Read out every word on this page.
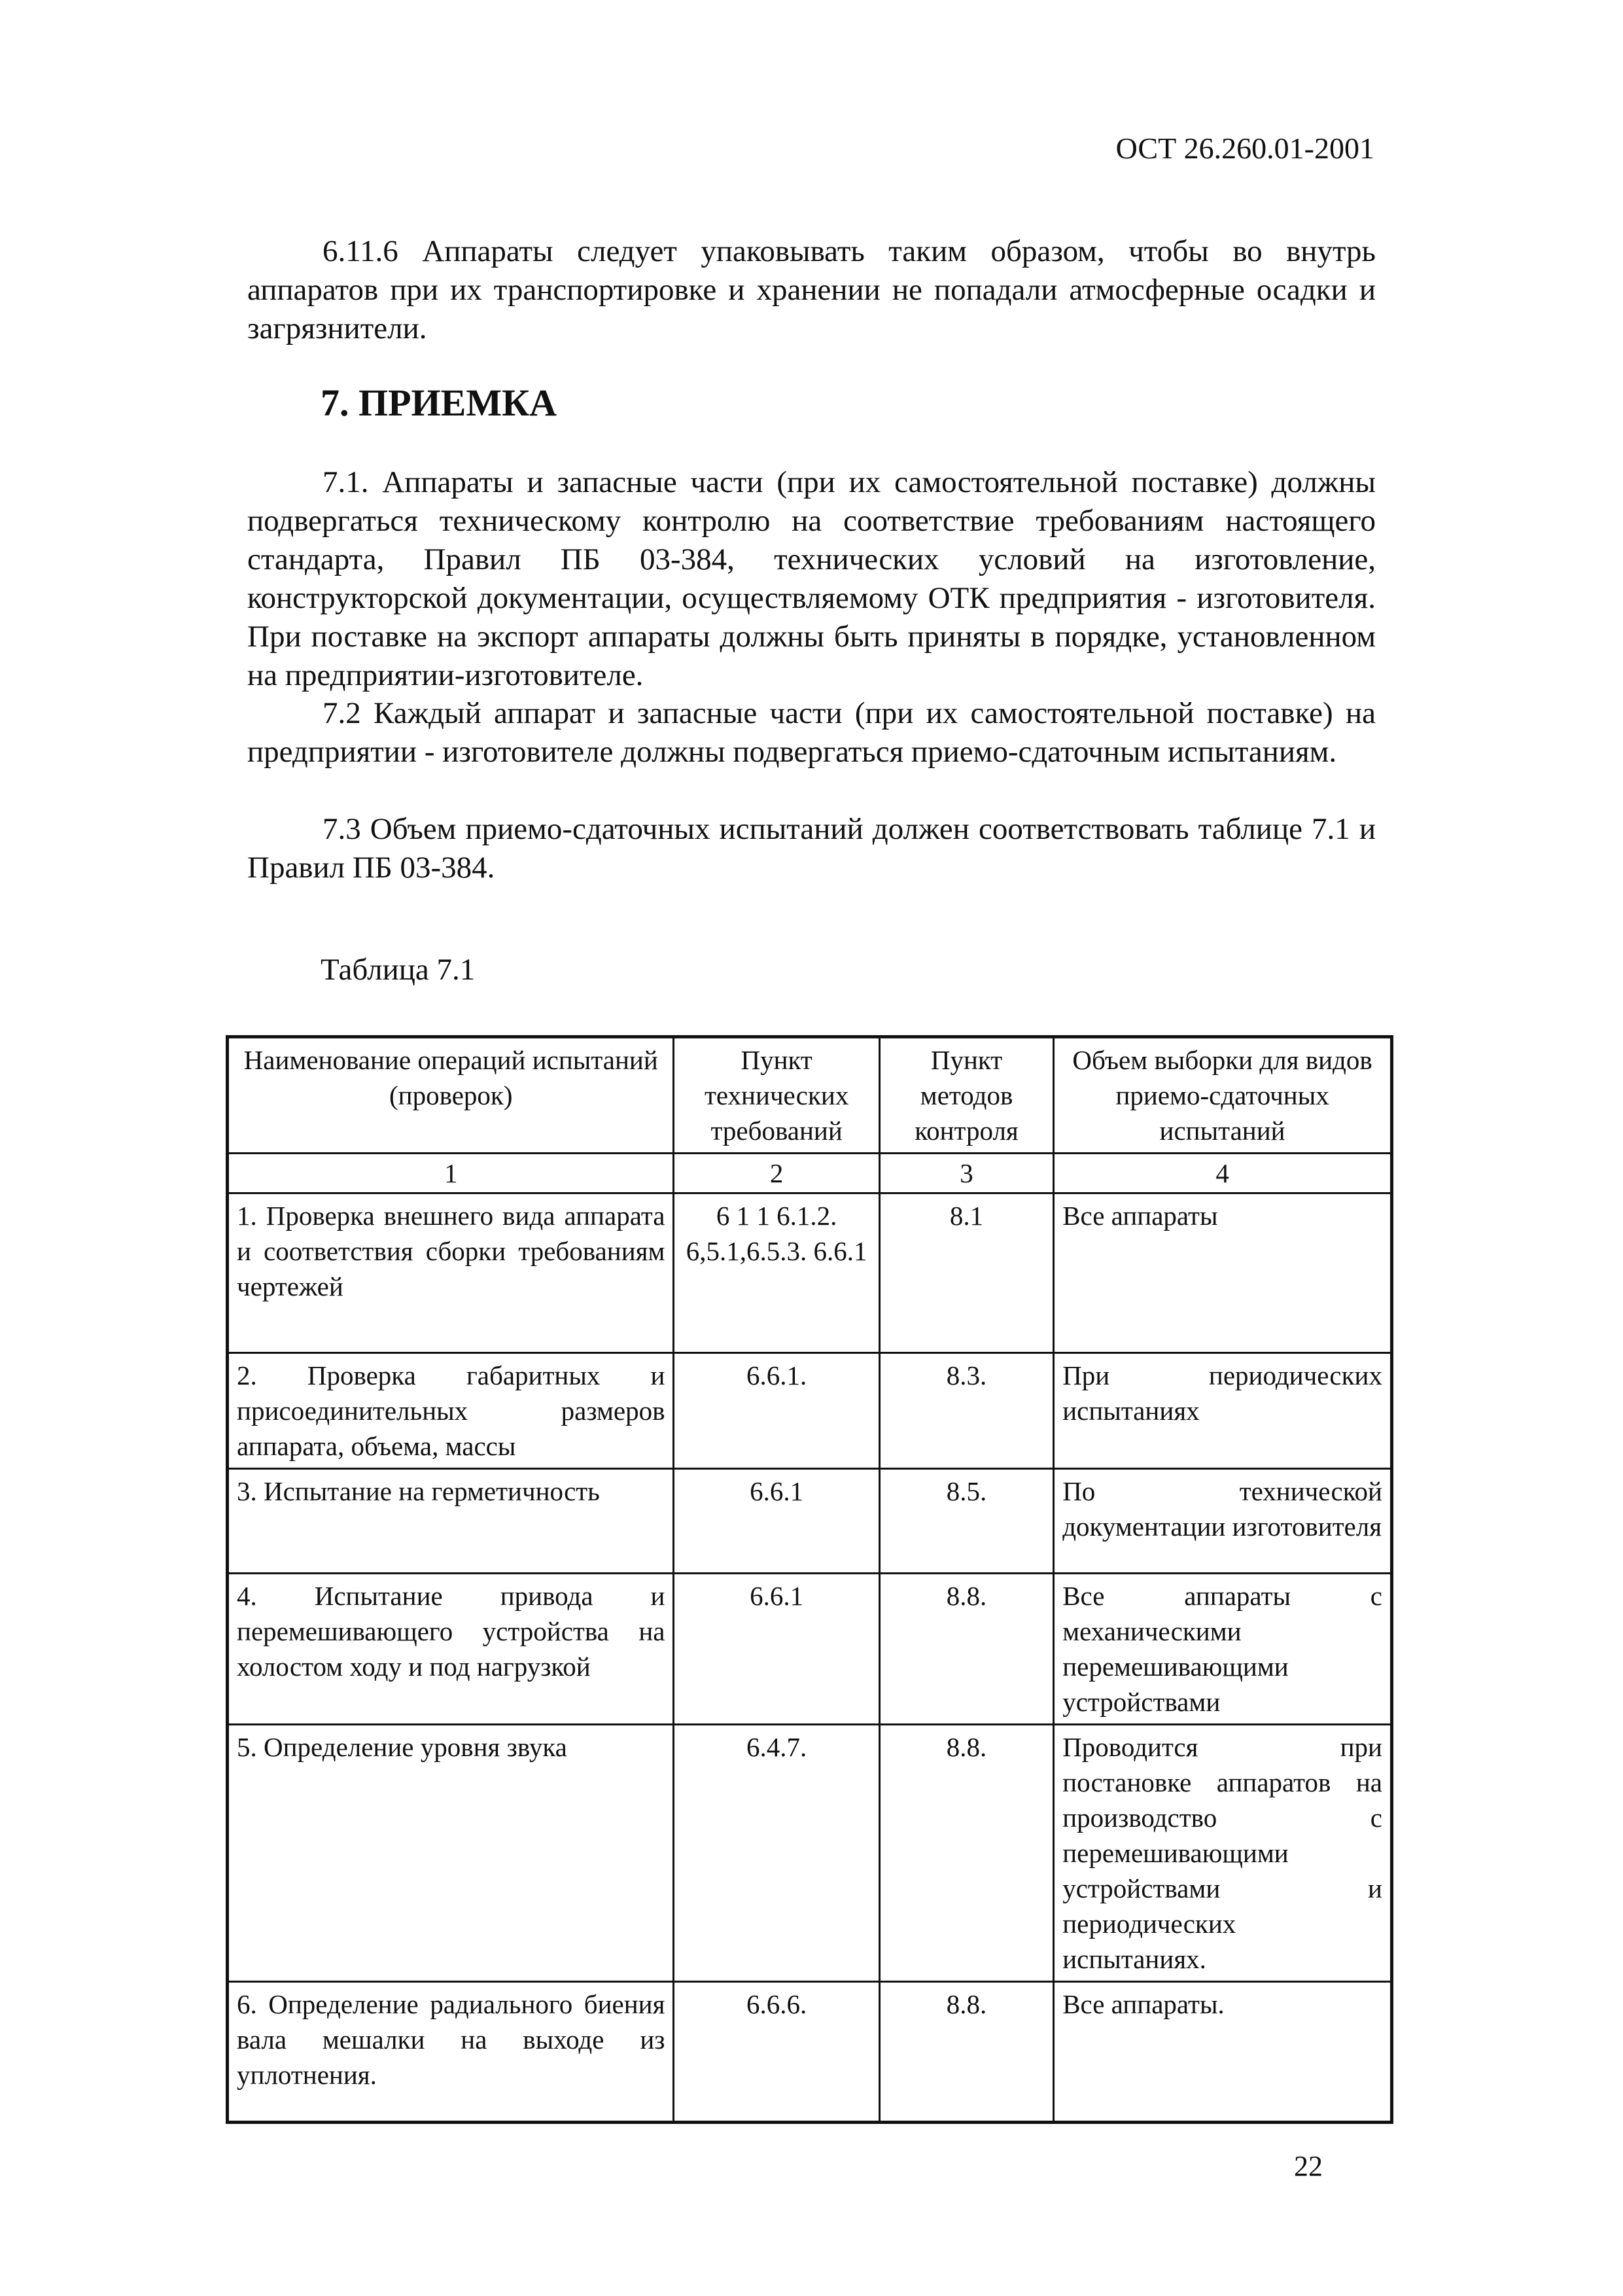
ОСТ 26.260.01-2001

6.11.6 Аппараты следует упаковывать таким образом, чтобы во внутрь аппаратов при их транспортировке и хранении не попадали атмосферные осадки и загрязнители.

7. ПРИЕМКА

7.1. Аппараты и запасные части (при их самостоятельной поставке) должны подвергаться техническому контролю на соответствие требованиям настоящего стандарта, Правил ПБ 03-384, технических условий на изготовление, конструкторской документации, осуществляемому ОТК предприятия - изготовителя. При поставке на экспорт аппараты должны быть приняты в порядке, установленном на предприятии-изготовителе.

7.2 Каждый аппарат и запасные части (при их самостоятельной поставке) на предприятии - изготовителе должны подвергаться приемо-сдаточным испытаниям.

7.3 Объем приемо-сдаточных испытаний должен соответствовать таблице 7.1 и Правил ПБ 03-384.

Таблица 7.1
Наименование операций испытаний (проверок)	Пункт технических требований	Пункт методов контроля	Объем выборки для видов приемо-сдаточных испытаний
1	2	3	4
1. Проверка внешнего вида аппарата и соответствия сборки требованиям чертежей	6 1 1 6.1.2. 6,5.1,6.5.3. 6.6.1	8.1	Все аппараты
2. Проверка габаритных и присоединительных размеров аппарата, объема, массы	6.6.1.	8.3.	При периодических испытаниях
3. Испытание на герметичность	6.6.1	8.5.	По технической документации изготовителя
4. Испытание привода и перемешивающего устройства на холостом ходу и под нагрузкой	6.6.1	8.8.	Все аппараты с механическими перемешивающими устройствами
5. Определение уровня звука	6.4.7.	8.8.	Проводится при постановке аппаратов на производство с перемешивающими устройствами и периодических испытаниях.
6. Определение радиального биения вала мешалки на выходе из уплотнения.	6.6.6.	8.8.	Все аппараты.
22
